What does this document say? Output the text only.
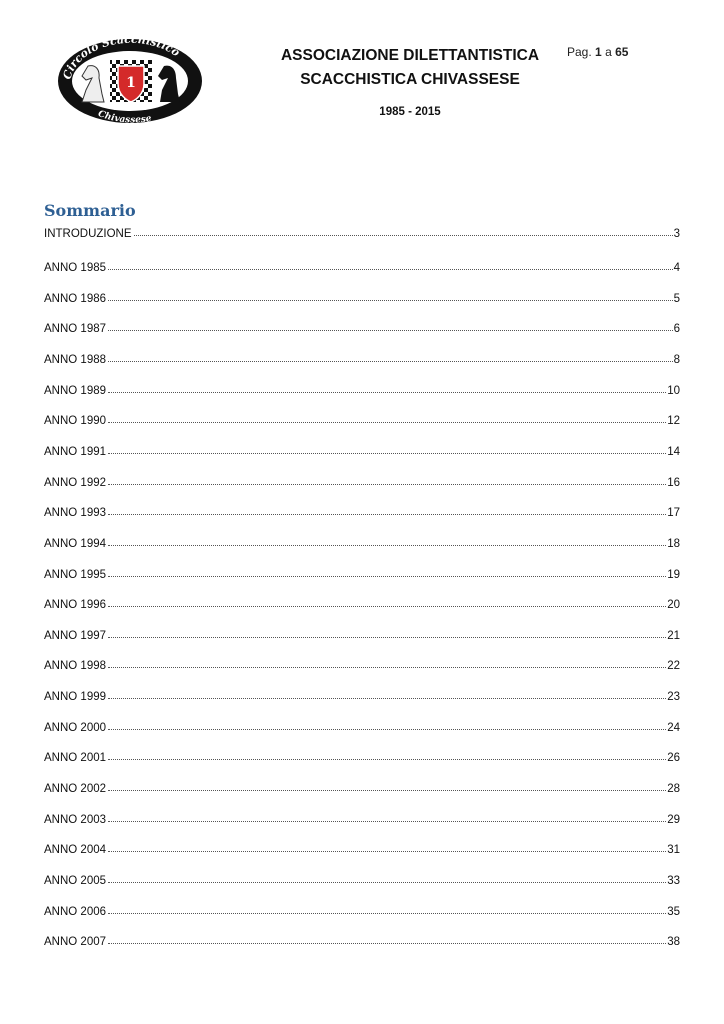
1
Circolo Scacchistico
Chivassese
ASSOCIAZIONE DILETTANTISTICA
SCACCHISTICA CHIVASSESE
1985 - 2015
Pag. 1 a 65
Sommario
INTRODUZIONE	3
ANNO 1985	4
ANNO 1986	5
ANNO 1987	6
ANNO 1988	8
ANNO 1989	10
ANNO 1990	12
ANNO 1991	14
ANNO 1992	16
ANNO 1993	17
ANNO 1994	18
ANNO 1995	19
ANNO 1996	20
ANNO 1997	21
ANNO 1998	22
ANNO 1999	23
ANNO 2000	24
ANNO 2001	26
ANNO 2002	28
ANNO 2003	29
ANNO 2004	31
ANNO 2005	33
ANNO 2006	35
ANNO 2007	38
